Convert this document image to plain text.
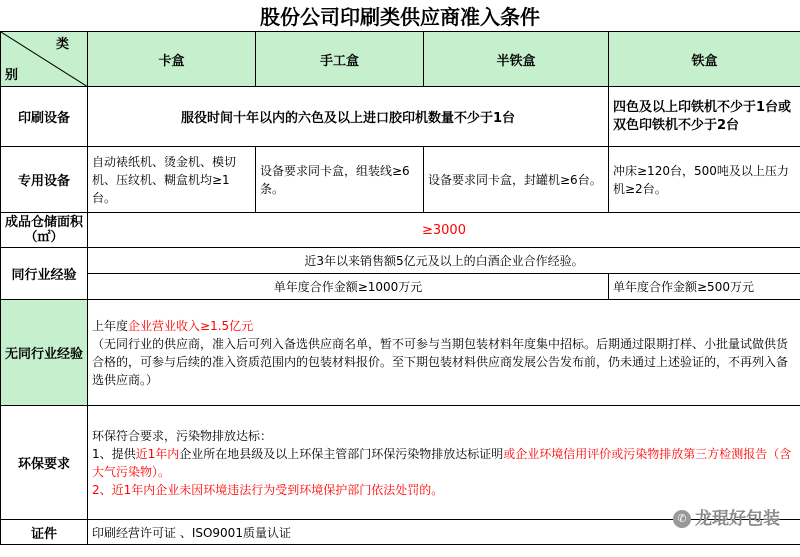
股份公司印刷类供应商准入条件
类
别	卡盒	手工盒	半铁盒	铁盒
印刷设备	服役时间十年以内的六色及以上进口胶印机数量不少于1台			四色及以上印铁机不少于1台或双色印铁机不少于2台
专用设备	自动裱纸机、烫金机、模切机、压纹机、糊盒机均≥1台。	设备要求同卡盒，组装线≥6条。	设备要求同卡盒，封罐机≥6台。	冲床≥120台，500吨及以上压力机≥2台。
成品仓储面积（㎡）	≥3000			
同行业经验	近3年以来销售额5亿元及以上的白酒企业合作经验。			
	单年度合作金额≥1000万元			单年度合作金额≥500万元
无同行业经验	上年度企业营业收入≥1.5亿元
（无同行业的供应商，准入后可列入备选供应商名单，暂不可参与当期包装材料年度集中招标。后期通过限期打样、小批量试做供货合格的，可参与后续的准入资质范围内的包装材料报价。至下期包装材料供应商发展公告发布前，仍未通过上述验证的，不再列入备选供应商。）			
环保要求	环保符合要求，污染物排放达标：
1、提供近1年内企业所在地县级及以上环保主管部门环保污染物排放达标证明或企业环境信用评价或污染物排放第三方检测报告（含大气污染物）。
2、近1年内企业未因环境违法行为受到环境保护部门依法处罚的。			

证件	印刷经营许可证 、ISO9001质量认证			
✆ 龙琨好包装
